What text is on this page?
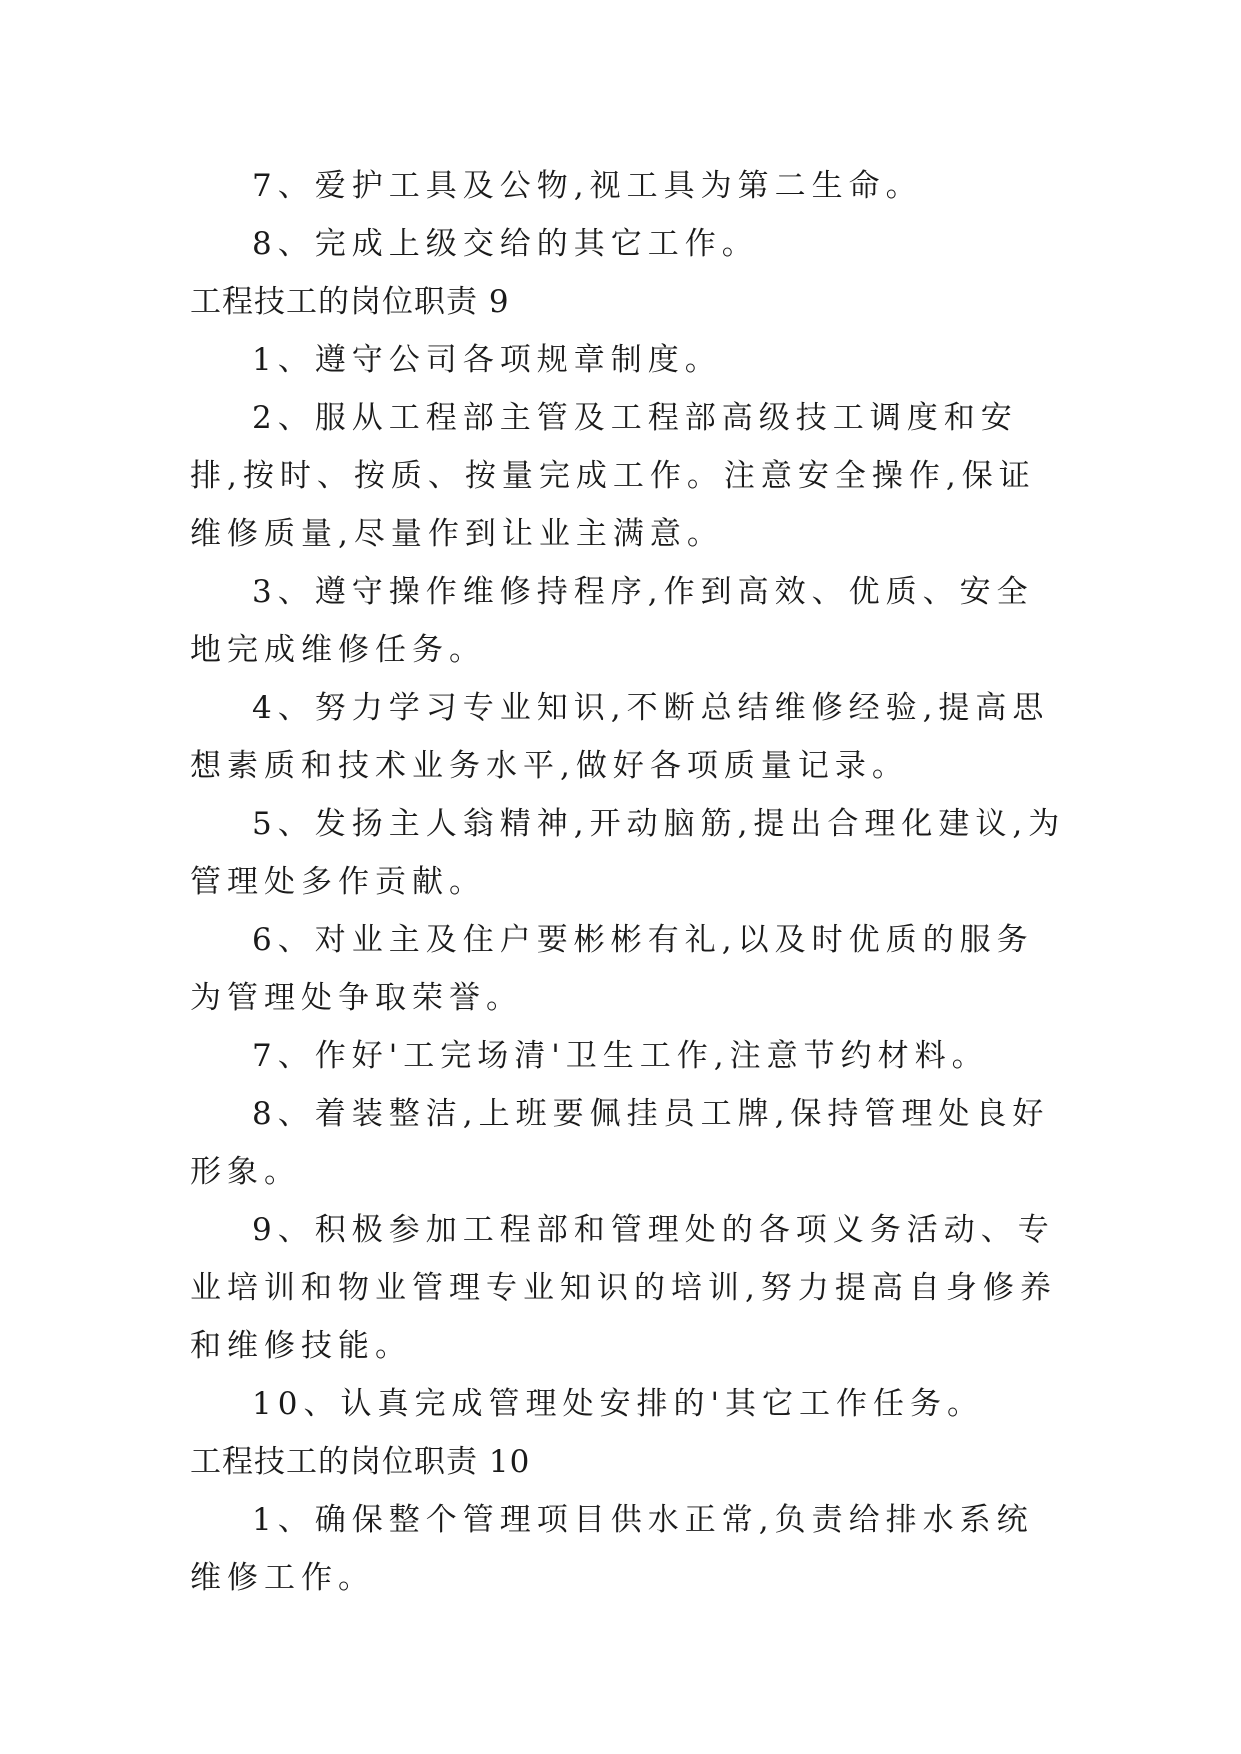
7、爱护工具及公物,视工具为第二生命。

8、完成上级交给的其它工作。

工程技工的岗位职责 9

1、遵守公司各项规章制度。

2、服从工程部主管及工程部高级技工调度和安排,按时、按质、按量完成工作。注意安全操作,保证维修质量,尽量作到让业主满意。

3、遵守操作维修持程序,作到高效、优质、安全地完成维修任务。

4、努力学习专业知识,不断总结维修经验,提高思想素质和技术业务水平,做好各项质量记录。

5、发扬主人翁精神,开动脑筋,提出合理化建议,为管理处多作贡献。

6、对业主及住户要彬彬有礼,以及时优质的服务为管理处争取荣誉。

7、作好'工完场清'卫生工作,注意节约材料。

8、着装整洁,上班要佩挂员工牌,保持管理处良好形象。

9、积极参加工程部和管理处的各项义务活动、专业培训和物业管理专业知识的培训,努力提高自身修养和维修技能。

10、认真完成管理处安排的'其它工作任务。

工程技工的岗位职责 10

1、确保整个管理项目供水正常,负责给排水系统维修工作。
